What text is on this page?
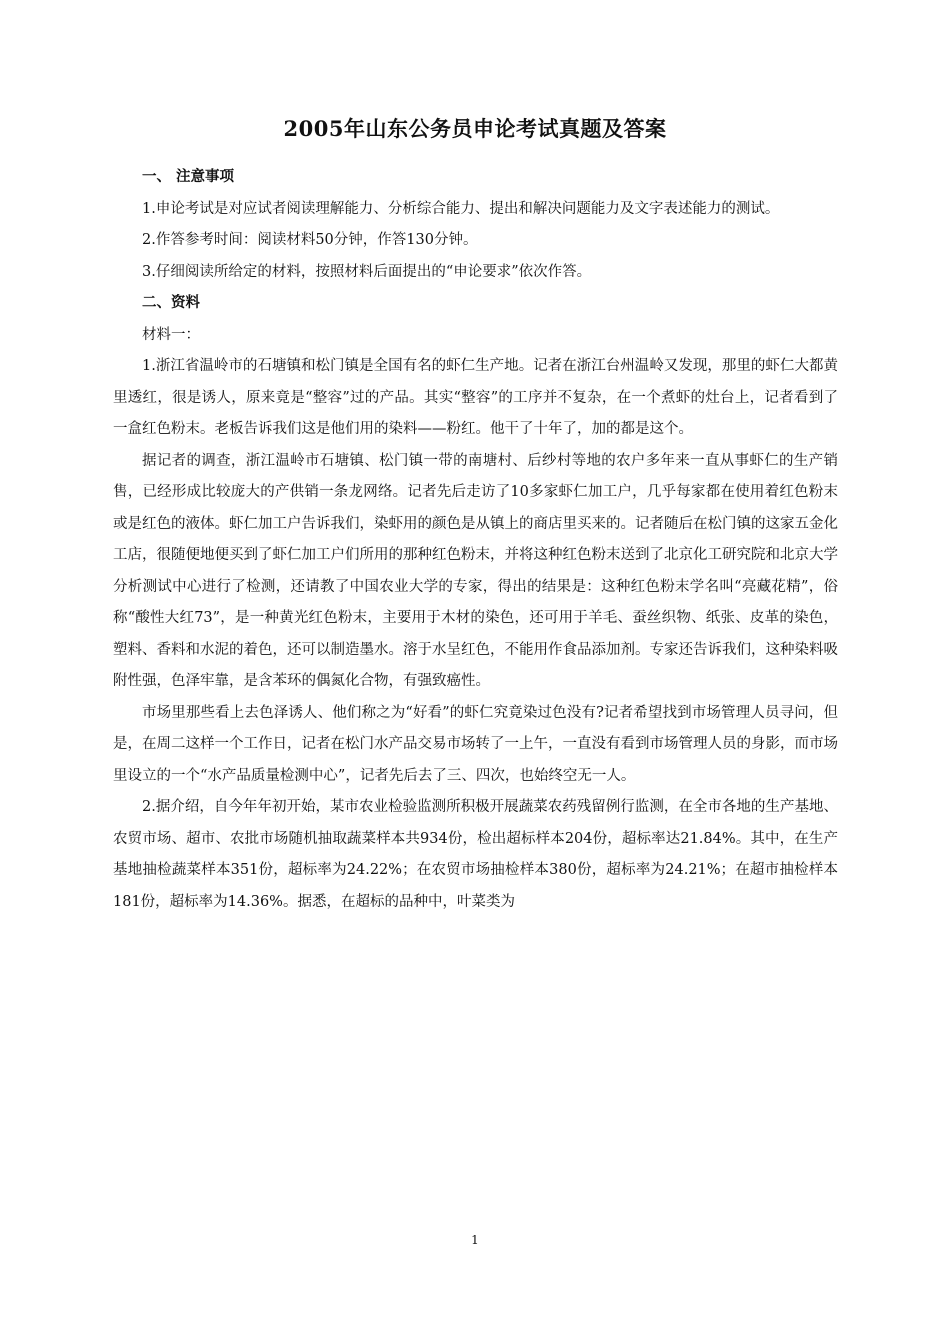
2005年山东公务员申论考试真题及答案

一、 注意事项

1.申论考试是对应试者阅读理解能力、分析综合能力、提出和解决问题能力及文字表述能力的测试。

2.作答参考时间：阅读材料50分钟，作答130分钟。

3.仔细阅读所给定的材料，按照材料后面提出的“申论要求”依次作答。

二、资料

材料一：

1.浙江省温岭市的石塘镇和松门镇是全国有名的虾仁生产地。记者在浙江台州温岭又发现，那里的虾仁大都黄里透红，很是诱人，原来竟是“整容”过的产品。其实“整容”的工序并不复杂，在一个煮虾的灶台上，记者看到了一盒红色粉末。老板告诉我们这是他们用的染料——粉红。他干了十年了，加的都是这个。

据记者的调查，浙江温岭市石塘镇、松门镇一带的南塘村、后纱村等地的农户多年来一直从事虾仁的生产销售，已经形成比较庞大的产供销一条龙网络。记者先后走访了10多家虾仁加工户，几乎每家都在使用着红色粉末或是红色的液体。虾仁加工户告诉我们，染虾用的颜色是从镇上的商店里买来的。记者随后在松门镇的这家五金化工店，很随便地便买到了虾仁加工户们所用的那种红色粉末，并将这种红色粉末送到了北京化工研究院和北京大学分析测试中心进行了检测，还请教了中国农业大学的专家，得出的结果是：这种红色粉末学名叫“亮藏花精”，俗称“酸性大红73”，是一种黄光红色粉末，主要用于木材的染色，还可用于羊毛、蚕丝织物、纸张、皮革的染色，塑料、香料和水泥的着色，还可以制造墨水。溶于水呈红色，不能用作食品添加剂。专家还告诉我们，这种染料吸附性强，色泽牢靠，是含苯环的偶氮化合物，有强致癌性。

市场里那些看上去色泽诱人、他们称之为“好看”的虾仁究竟染过色没有?记者希望找到市场管理人员寻问，但是，在周二这样一个工作日，记者在松门水产品交易市场转了一上午，一直没有看到市场管理人员的身影，而市场里设立的一个“水产品质量检测中心”，记者先后去了三、四次，也始终空无一人。

2.据介绍，自今年年初开始，某市农业检验监测所积极开展蔬菜农药残留例行监测，在全市各地的生产基地、农贸市场、超市、农批市场随机抽取蔬菜样本共934份，检出超标样本204份，超标率达21.84%。其中，在生产基地抽检蔬菜样本351份，超标率为24.22%；在农贸市场抽检样本380份，超标率为24.21%；在超市抽检样本181份，超标率为14.36%。据悉，在超标的品种中，叶菜类为

1
